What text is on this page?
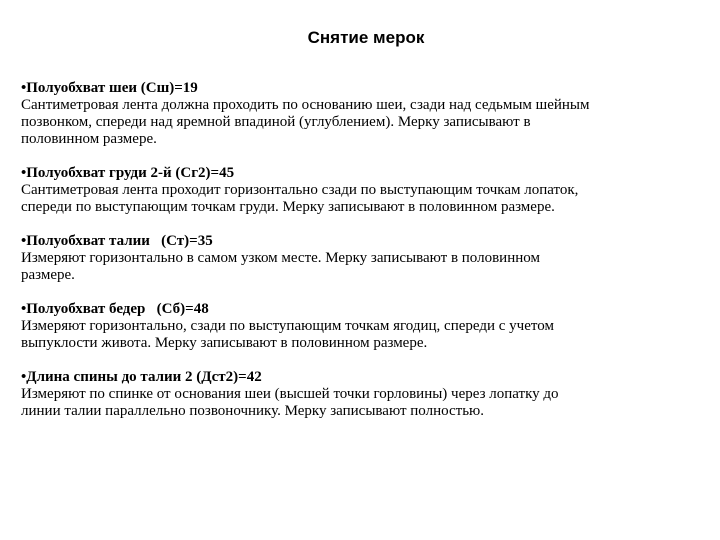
Снятие мерок
•Полуобхват шеи (Сш)=19
Сантиметровая лента должна проходить по основанию шеи, сзади над седьмым шейным
позвонком, спереди над яремной впадиной (углублением). Мерку записывают в
половинном размере.
•Полуобхват груди 2-й (Сг2)=45
Сантиметровая лента проходит горизонтально сзади по выступающим точкам лопаток,
спереди по выступающим точкам груди. Мерку записывают в половинном размере.
•Полуобхват талии   (Ст)=35
Измеряют горизонтально в самом узком месте. Мерку записывают в половинном
размере.
•Полуобхват бедер   (Сб)=48
Измеряют горизонтально, сзади по выступающим точкам ягодиц, спереди с учетом
выпуклости живота. Мерку записывают в половинном размере.
•Длина спины до талии 2 (Дст2)=42
Измеряют по спинке от основания шеи (высшей точки горловины) через лопатку до
линии талии параллельно позвоночнику. Мерку записывают полностью.
